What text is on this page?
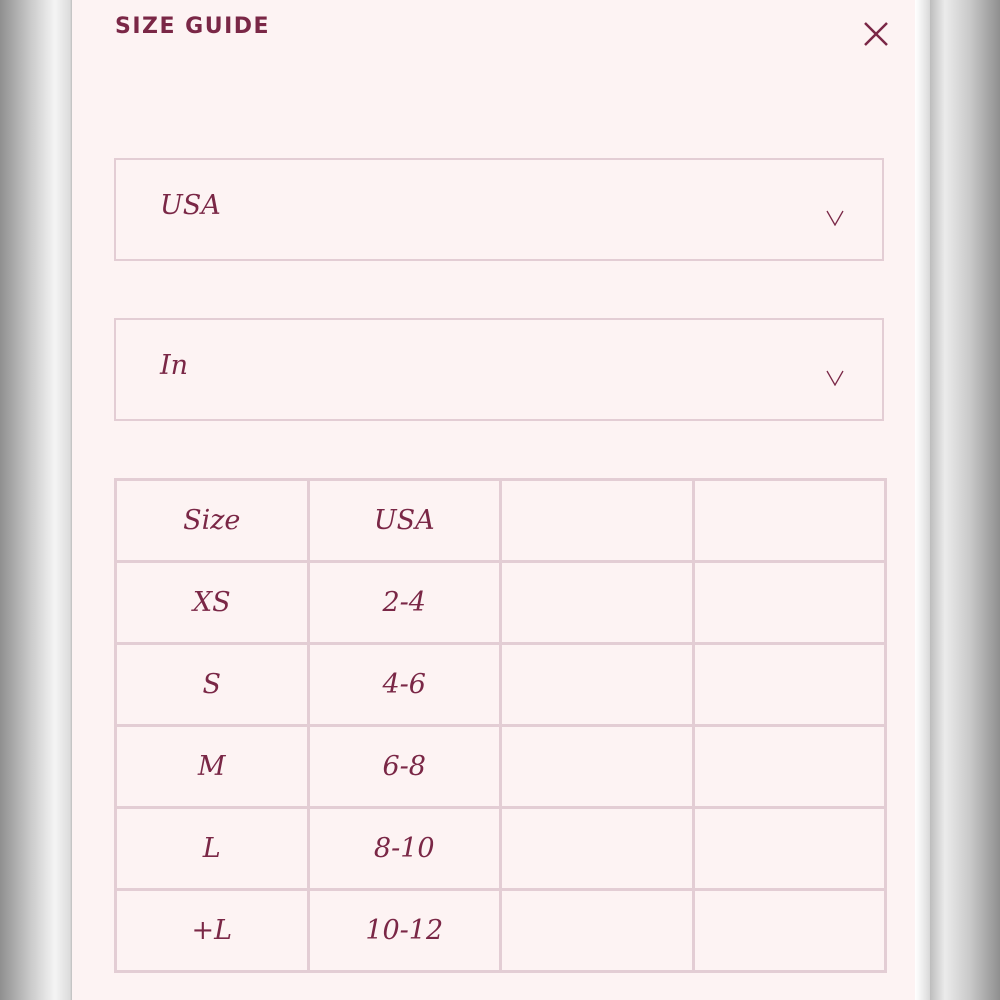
SIZE GUIDE
USA
In
Size	USA		
XS	2-4		
S	4-6		
M	6-8		
L	8-10		
+L	10-12		
